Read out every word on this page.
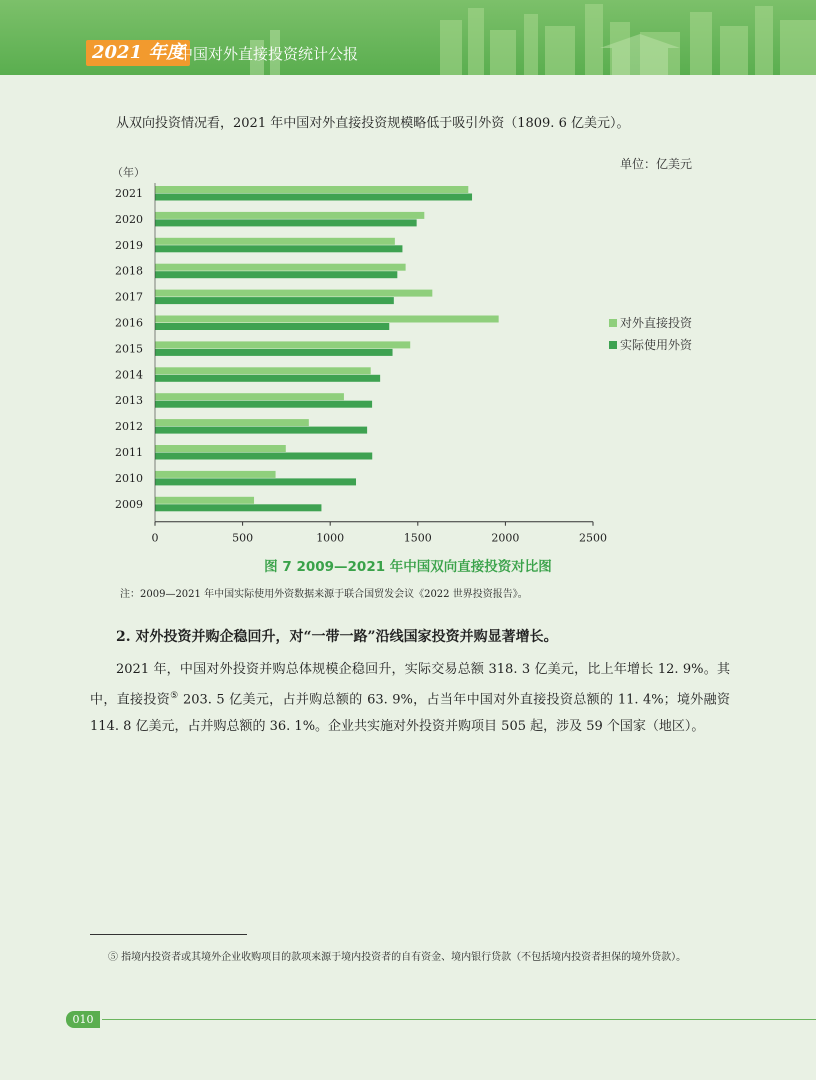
2021 年度
中国对外直接投资统计公报
从双向投资情况看，2021 年中国对外直接投资规模略低于吸引外资（1809. 6 亿美元）。
单位：亿美元
（年）
2021
2020
2019
2018
2017
2016
2015
2014
2013
2012
2011
2010
2009
0	500	1000	1500	2000	2500
对外直接投资
实际使用外资
图 7 2009—2021 年中国双向直接投资对比图
注：2009—2021 年中国实际使用外资数据来源于联合国贸发会议《2022 世界投资报告》。
2. 对外投资并购企稳回升，对“一带一路”沿线国家投资并购显著增长。
2021 年，中国对外投资并购总体规模企稳回升，实际交易总额 318. 3 亿美元，比上年增长 12. 9%。其中，直接投资⑤ 203. 5 亿美元，占并购总额的 63. 9%，占当年中国对外直接投资总额的 11. 4%；境外融资 114. 8 亿美元，占并购总额的 36. 1%。企业共实施对外投资并购项目 505 起，涉及 59 个国家（地区）。
⑤ 指境内投资者或其境外企业收购项目的款项来源于境内投资者的自有资金、境内银行贷款（不包括境内投资者担保的境外贷款）。
010
